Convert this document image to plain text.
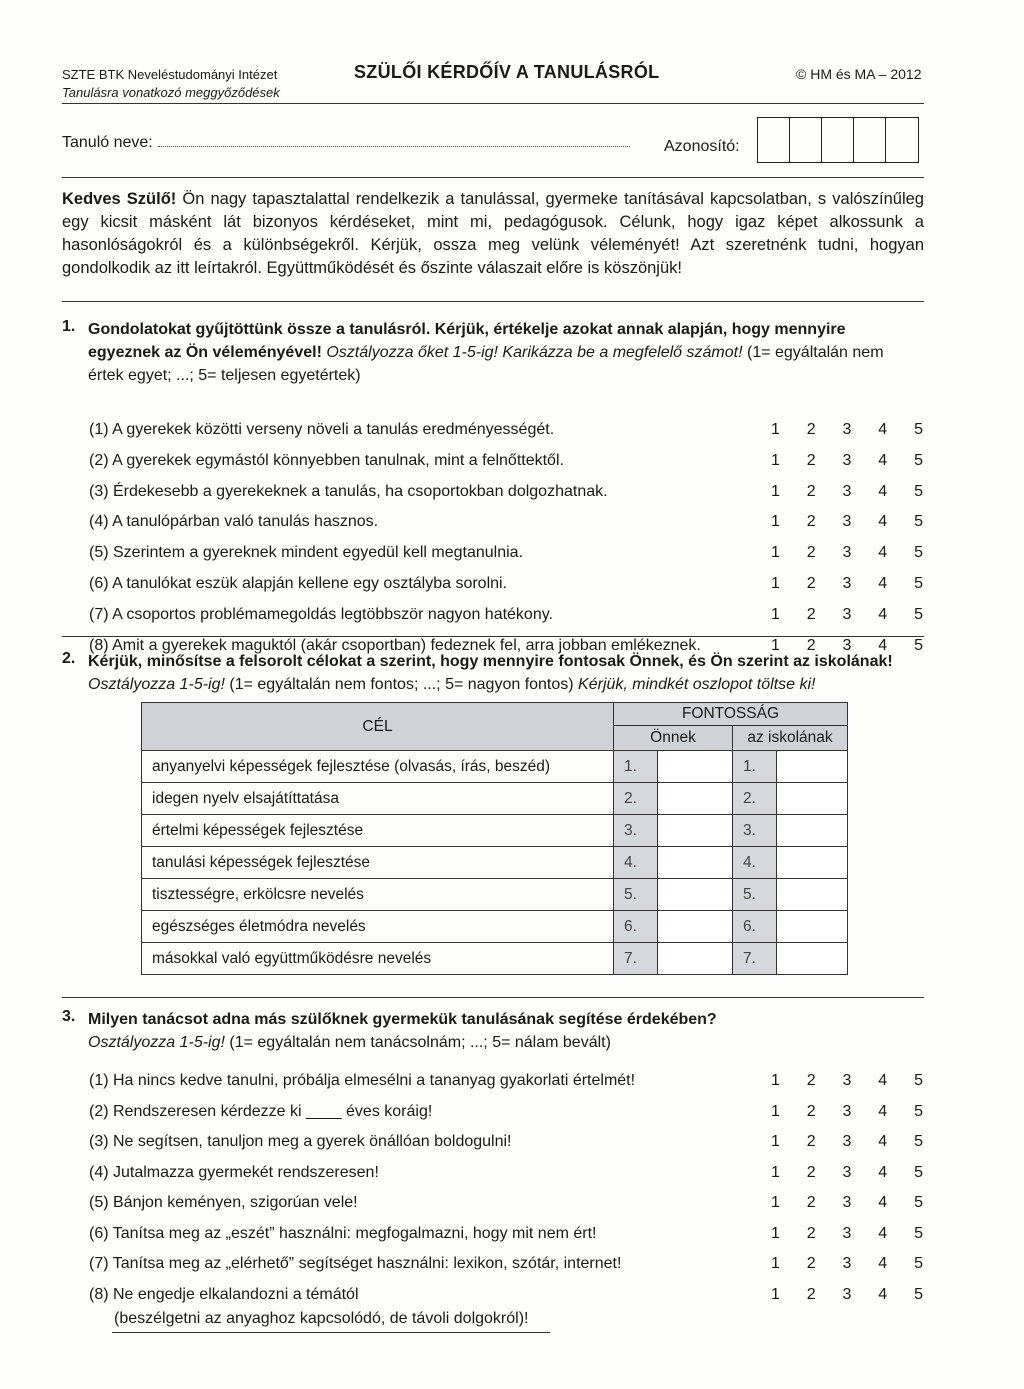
SZTE BTK Neveléstudományi Intézet
Tanulásra vonatkozó meggyőződések
SZÜLŐI KÉRDŐÍV A TANULÁSRÓL	© HM és MA – 2012
Tanuló neve:	Azonosító:
Kedves Szülő! Ön nagy tapasztalattal rendelkezik a tanulással, gyermeke tanításával kapcsolatban, s valószínűleg egy kicsit másként lát bizonyos kérdéseket, mint mi, pedagógusok. Célunk, hogy igaz képet alkossunk a hasonlóságokról és a különbségekről. Kérjük, ossza meg velünk véleményét! Azt szeretnénk tudni, hogyan gondolkodik az itt leírtakról. Együttműködését és őszinte válaszait előre is köszönjük!
1. Gondolatokat gyűjtöttünk össze a tanulásról. Kérjük, értékelje azokat annak alapján, hogy mennyire egyeznek az Ön véleményével! Osztályozza őket 1-5-ig! Karikázza be a megfelelő számot! (1= egyáltalán nem értek egyet; ...; 5= teljesen egyetértek)
(1) A gyerekek közötti verseny növeli a tanulás eredményességét.	1 2 3 4 5
(2) A gyerekek egymástól könnyebben tanulnak, mint a felnőttektől.	1 2 3 4 5
(3) Érdekesebb a gyerekeknek a tanulás, ha csoportokban dolgozhatnak.	1 2 3 4 5
(4) A tanulópárban való tanulás hasznos.	1 2 3 4 5
(5) Szerintem a gyereknek mindent egyedül kell megtanulnia.	1 2 3 4 5
(6) A tanulókat eszük alapján kellene egy osztályba sorolni.	1 2 3 4 5
(7) A csoportos problémamegoldás legtöbbször nagyon hatékony.	1 2 3 4 5
(8) Amit a gyerekek maguktól (akár csoportban) fedeznek fel, arra jobban emlékeznek.	1 2 3 4 5
2. Kérjük, minősítse a felsorolt célokat a szerint, hogy mennyire fontosak Önnek, és Ön szerint az iskolának!
Osztályozza 1-5-ig! (1= egyáltalán nem fontos; ...; 5= nagyon fontos) Kérjük, mindkét oszlopot töltse ki!
CÉL	FONTOSSÁG			
	Önnek		az iskolának	
anyanyelvi képességek fejlesztése (olvasás, írás, beszéd)	1.		1.	
idegen nyelv elsajátíttatása	2.		2.	
értelmi képességek fejlesztése	3.		3.	
tanulási képességek fejlesztése	4.		4.	
tisztességre, erkölcsre nevelés	5.		5.	
egészséges életmódra nevelés	6.		6.	
másokkal való együttműködésre nevelés	7.		7.	
3. Milyen tanácsot adna más szülőknek gyermekük tanulásának segítése érdekében?
Osztályozza 1-5-ig! (1= egyáltalán nem tanácsolnám; ...; 5= nálam bevált)
(1) Ha nincs kedve tanulni, próbálja elmesélni a tananyag gyakorlati értelmét!	1 2 3 4 5
(2) Rendszeresen kérdezze ki ____ éves koráig!	1 2 3 4 5
(3) Ne segítsen, tanuljon meg a gyerek önállóan boldogulni!	1 2 3 4 5
(4) Jutalmazza gyermekét rendszeresen!	1 2 3 4 5
(5) Bánjon keményen, szigorúan vele!	1 2 3 4 5
(6) Tanítsa meg az „eszét” használni: megfogalmazni, hogy mit nem ért!	1 2 3 4 5
(7) Tanítsa meg az „elérhető” segítséget használni: lexikon, szótár, internet!	1 2 3 4 5
(8) Ne engedje elkalandozni a témától	1 2 3 4 5
(beszélgetni az anyaghoz kapcsolódó, de távoli dolgokról)!
